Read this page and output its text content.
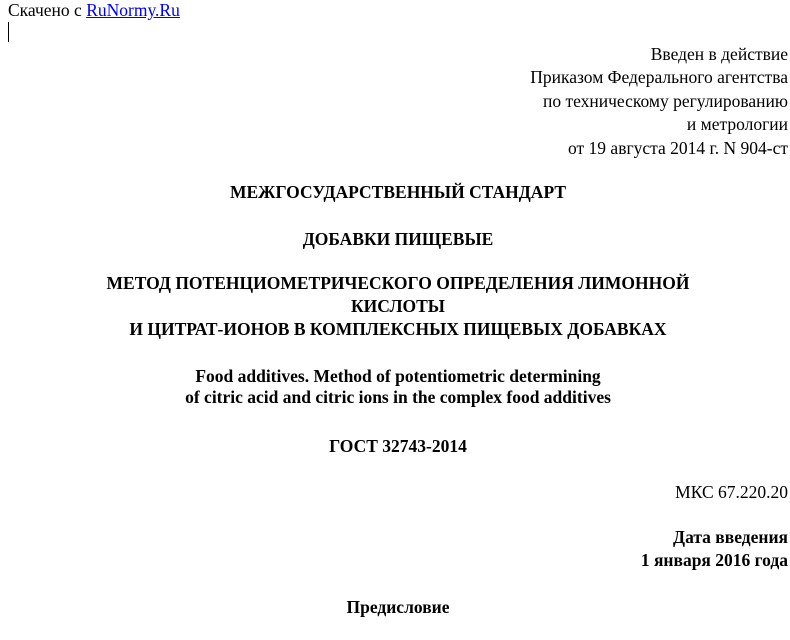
Скачено с RuNormy.Ru
Введен в действие
Приказом Федерального агентства
по техническому регулированию
и метрологии
от 19 августа 2014 г. N 904-ст
МЕЖГОСУДАРСТВЕННЫЙ СТАНДАРТ
ДОБАВКИ ПИЩЕВЫЕ
МЕТОД ПОТЕНЦИОМЕТРИЧЕСКОГО ОПРЕДЕЛЕНИЯ ЛИМОННОЙ
КИСЛОТЫ
И ЦИТРАТ-ИОНОВ В КОМПЛЕКСНЫХ ПИЩЕВЫХ ДОБАВКАХ
Food additives. Method of potentiometric determining
of citric acid and citric ions in the complex food additives
ГОСТ 32743-2014
МКС 67.220.20
Дата введения
1 января 2016 года
Предисловие
